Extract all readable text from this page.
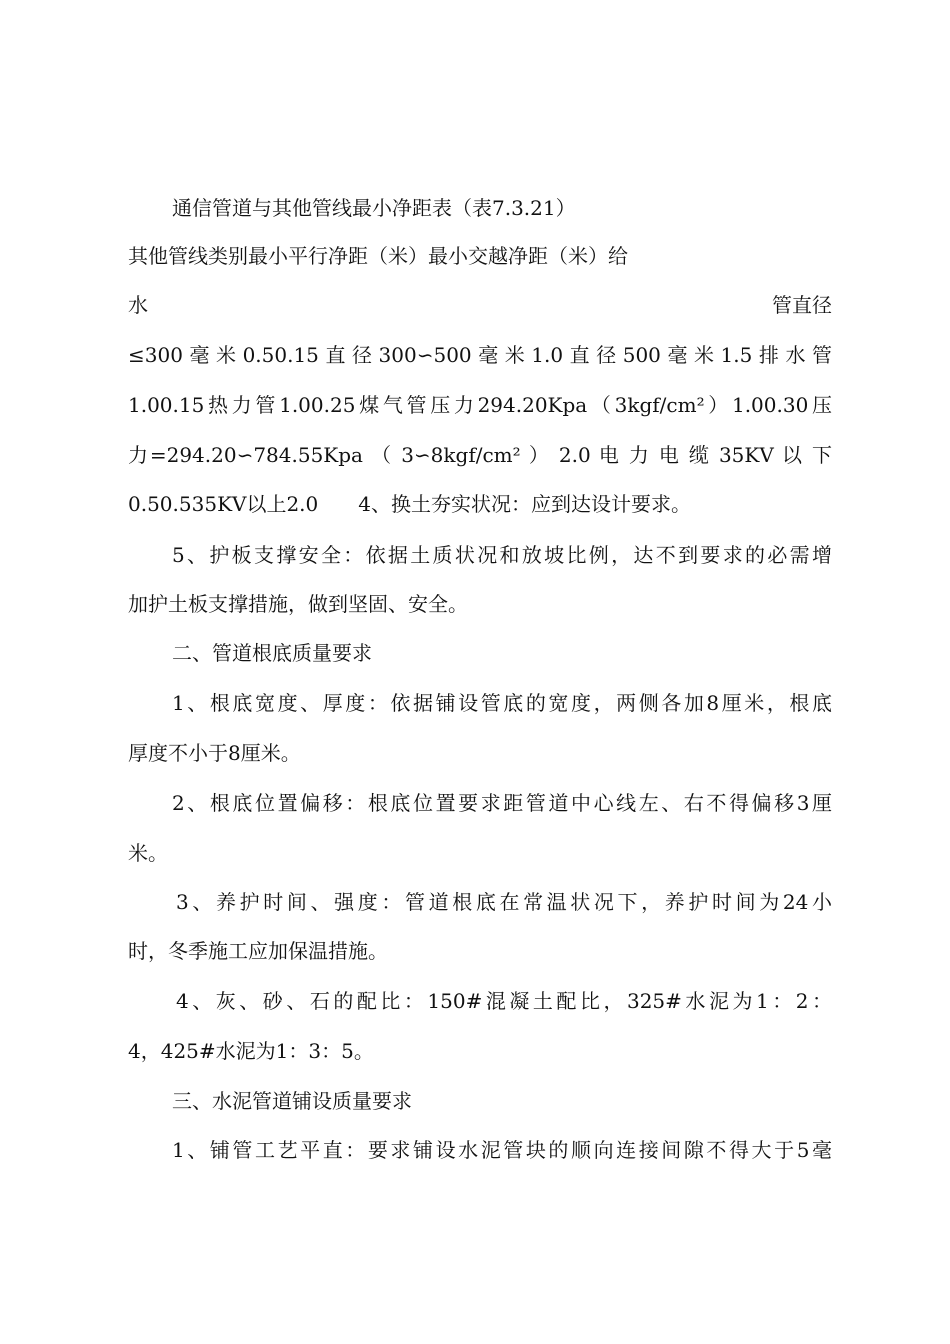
通信管道与其他管线最小净距表（表7.3.21）
其他管线类别最小平行净距（米）最小交越净距（米）给
水	管直径
≤300毫米0.50.15直径300∽500毫米1.0直径500毫米1.5排水管
1.00.15热力管1.00.25煤气管压力294.20Kpa（3kgf/cm²）1.00.30压
力=294.20∽784.55Kpa （ 3∽8kgf/cm² ） 2.0 电 力 电 缆 35KV 以 下
0.50.535KV以上2.0　　4、换土夯实状况：应到达设计要求。
5、护板支撑安全：依据土质状况和放坡比例，达不到要求的必需增
加护土板支撑措施，做到坚固、安全。
二、管道根底质量要求
1、根底宽度、厚度：依据铺设管底的宽度，两侧各加8厘米，根底
厚度不小于8厘米。
2、根底位置偏移：根底位置要求距管道中心线左、右不得偏移3厘
米。
3、养护时间、强度：管道根底在常温状况下，养护时间为24小
时，冬季施工应加保温措施。
4、灰、砂、石的配比：150#混凝土配比，325#水泥为1：2：
4，425#水泥为1：3：5。
三、水泥管道铺设质量要求
1、铺管工艺平直：要求铺设水泥管块的顺向连接间隙不得大于5毫
